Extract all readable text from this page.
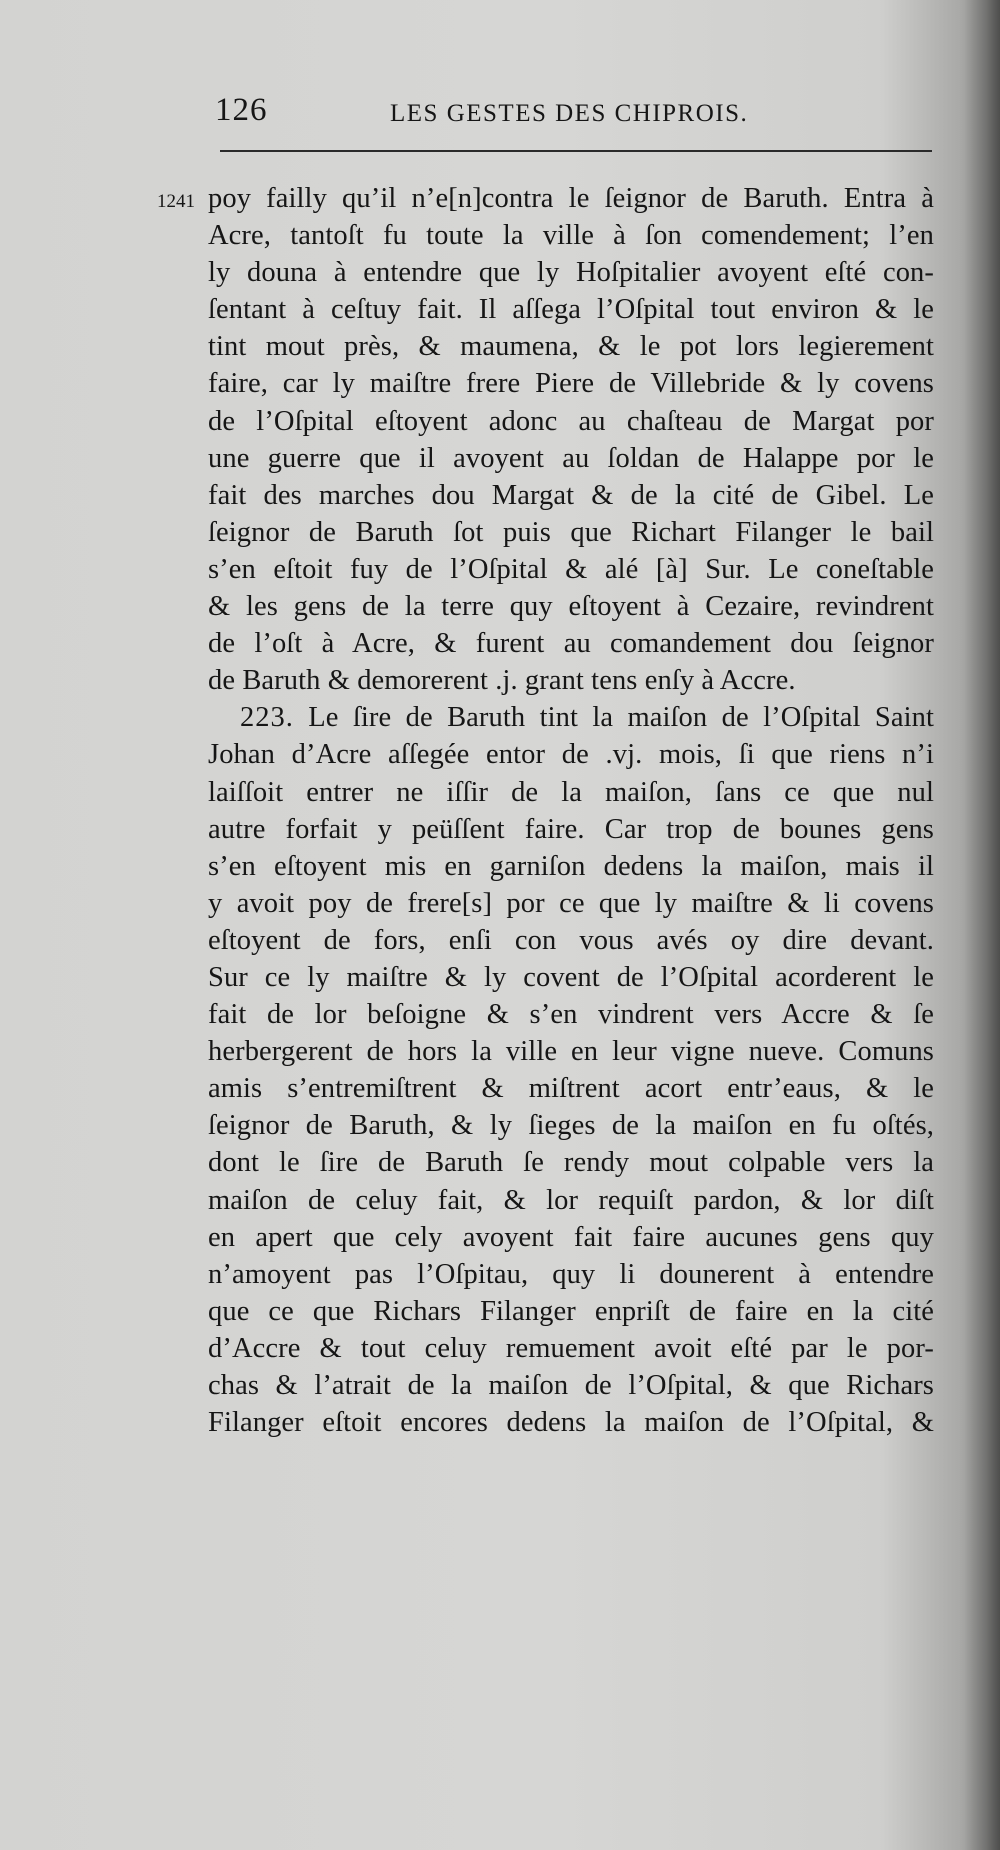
126	LES GESTES DES CHIPROIS.
1241 poy failly qu’il n’e[n]contra le ſeignor de Baruth. Entra à
Acre, tantoſt fu toute la ville à ſon comendement; l’en
ly douna à entendre que ly Hoſpitalier avoyent eſté con-
ſentant à ceſtuy fait. Il aſſega l’Oſpital tout environ & le
tint mout près, & maumena, & le pot lors legierement
faire, car ly maiſtre frere Piere de Villebride & ly covens
de l’Oſpital eſtoyent adonc au chaſteau de Margat por
une guerre que il avoyent au ſoldan de Halappe por le
fait des marches dou Margat & de la cité de Gibel. Le
ſeignor de Baruth ſot puis que Richart Filanger le bail
s’en eſtoit fuy de l’Oſpital & alé [à] Sur. Le coneſtable
& les gens de la terre quy eſtoyent à Cezaire, revindrent
de l’oſt à Acre, & furent au comandement dou ſeignor
de Baruth & demorerent .j. grant tens enſy à Accre.
223. Le ſire de Baruth tint la maiſon de l’Oſpital Saint
Johan d’Acre aſſegée entor de .vj. mois, ſi que riens n’i
laiſſoit entrer ne iſſir de la maiſon, ſans ce que nul
autre forfait y peüſſent faire. Car trop de bounes gens
s’en eſtoyent mis en garniſon dedens la maiſon, mais il
y avoit poy de frere[s] por ce que ly maiſtre & li covens
eſtoyent de fors, enſi con vous avés oy dire devant.
Sur ce ly maiſtre & ly covent de l’Oſpital acorderent le
fait de lor beſoigne & s’en vindrent vers Accre & ſe
herbergerent de hors la ville en leur vigne nueve. Comuns
amis s’entremiſtrent & miſtrent acort entr’eaus, & le
ſeignor de Baruth, & ly ſieges de la maiſon en fu oſtés,
dont le ſire de Baruth ſe rendy mout colpable vers la
maiſon de celuy fait, & lor requiſt pardon, & lor diſt
en apert que cely avoyent fait faire aucunes gens quy
n’amoyent pas l’Oſpitau, quy li dounerent à entendre
que ce que Richars Filanger enpriſt de faire en la cité
d’Accre & tout celuy remuement avoit eſté par le por-
chas & l’atrait de la maiſon de l’Oſpital, & que Richars
Filanger eſtoit encores dedens la maiſon de l’Oſpital, &
